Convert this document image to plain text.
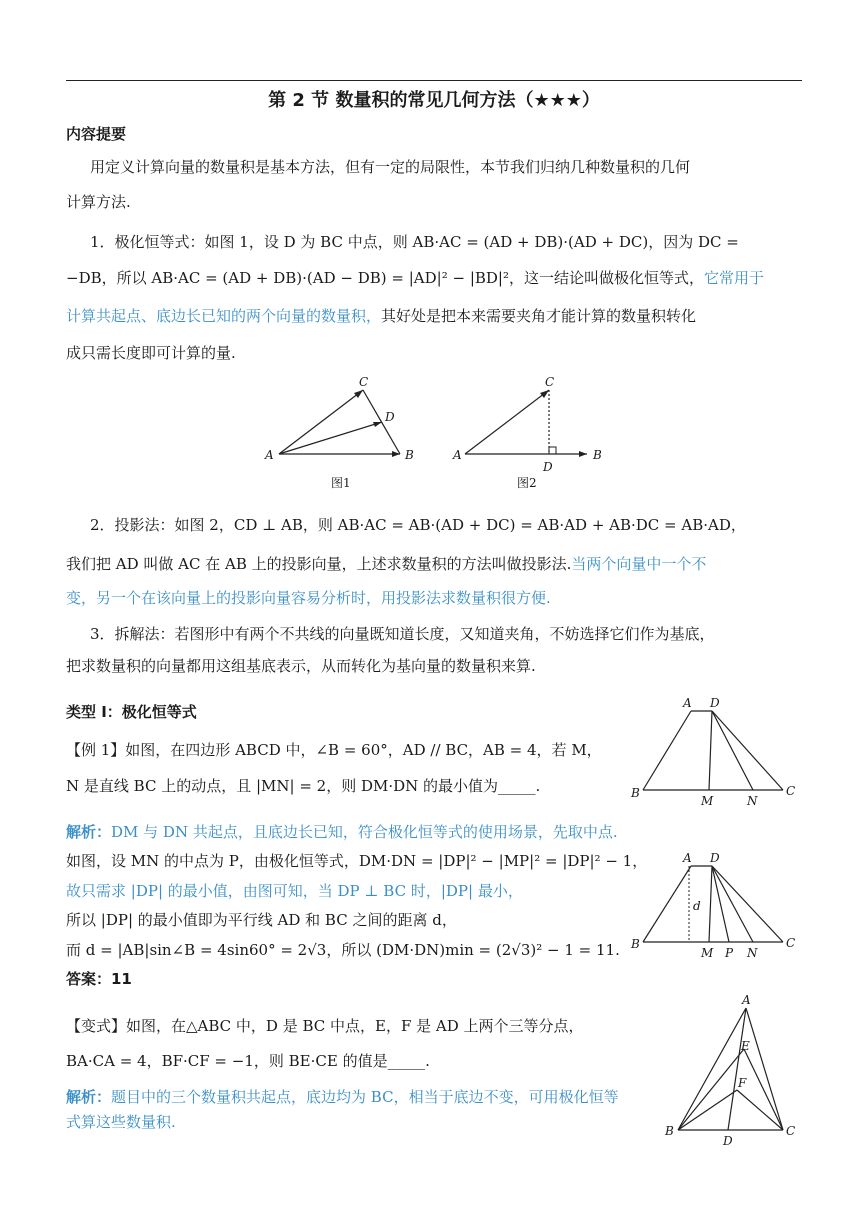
第 2 节 数量积的常见几何方法（★★★）
内容提要
用定义计算向量的数量积是基本方法，但有一定的局限性，本节我们归纳几种数量积的几何
计算方法.
1．极化恒等式：如图 1，设 D 为 BC 中点，则 AB·AC = (AD + DB)·(AD + DC)，因为 DC =
−DB，所以 AB·AC = (AD + DB)·(AD − DB) = |AD|² − |BD|²，这一结论叫做极化恒等式，它常用于
计算共起点、底边长已知的两个向量的数量积，其好处是把本来需要夹角才能计算的数量积转化
成只需长度即可计算的量.
A	B
C
D
图1
A	B
C
D
图2
2．投影法：如图 2，CD ⊥ AB，则 AB·AC = AB·(AD + DC) = AB·AD + AB·DC = AB·AD，
我们把 AD 叫做 AC 在 AB 上的投影向量，上述求数量积的方法叫做投影法.当两个向量中一个不
变，另一个在该向量上的投影向量容易分析时，用投影法求数量积很方便.
3．拆解法：若图形中有两个不共线的向量既知道长度，又知道夹角，不妨选择它们作为基底，
把求数量积的向量都用这组基底表示，从而转化为基向量的数量积来算.
类型 Ⅰ：极化恒等式
【例 1】如图，在四边形 ABCD 中，∠B = 60°，AD // BC，AB = 4，若 M，
N 是直线 BC 上的动点，且 |MN| = 2，则 DM·DN 的最小值为_____.
A D
B
M	N
C
解析：DM 与 DN 共起点，且底边长已知，符合极化恒等式的使用场景，先取中点.
如图，设 MN 的中点为 P，由极化恒等式，DM·DN = |DP|² − |MP|² = |DP|² − 1，
故只需求 |DP| 的最小值，由图可知，当 DP ⊥ BC 时，|DP| 最小，
所以 |DP| 的最小值即为平行线 AD 和 BC 之间的距离 d，
而 d = |AB|sin∠B = 4sin60° = 2√3，所以 (DM·DN)min = (2√3)² − 1 = 11.
答案：11
A D
d
B
M P N
C
【变式】如图，在△ABC 中，D 是 BC 中点，E，F 是 AD 上两个三等分点，
BA·CA = 4，BF·CF = −1，则 BE·CE 的值是_____.
解析：题目中的三个数量积共起点，底边均为 BC，相当于底边不变，可用极化恒等
式算这些数量积.
A
E
F
B
D
C
